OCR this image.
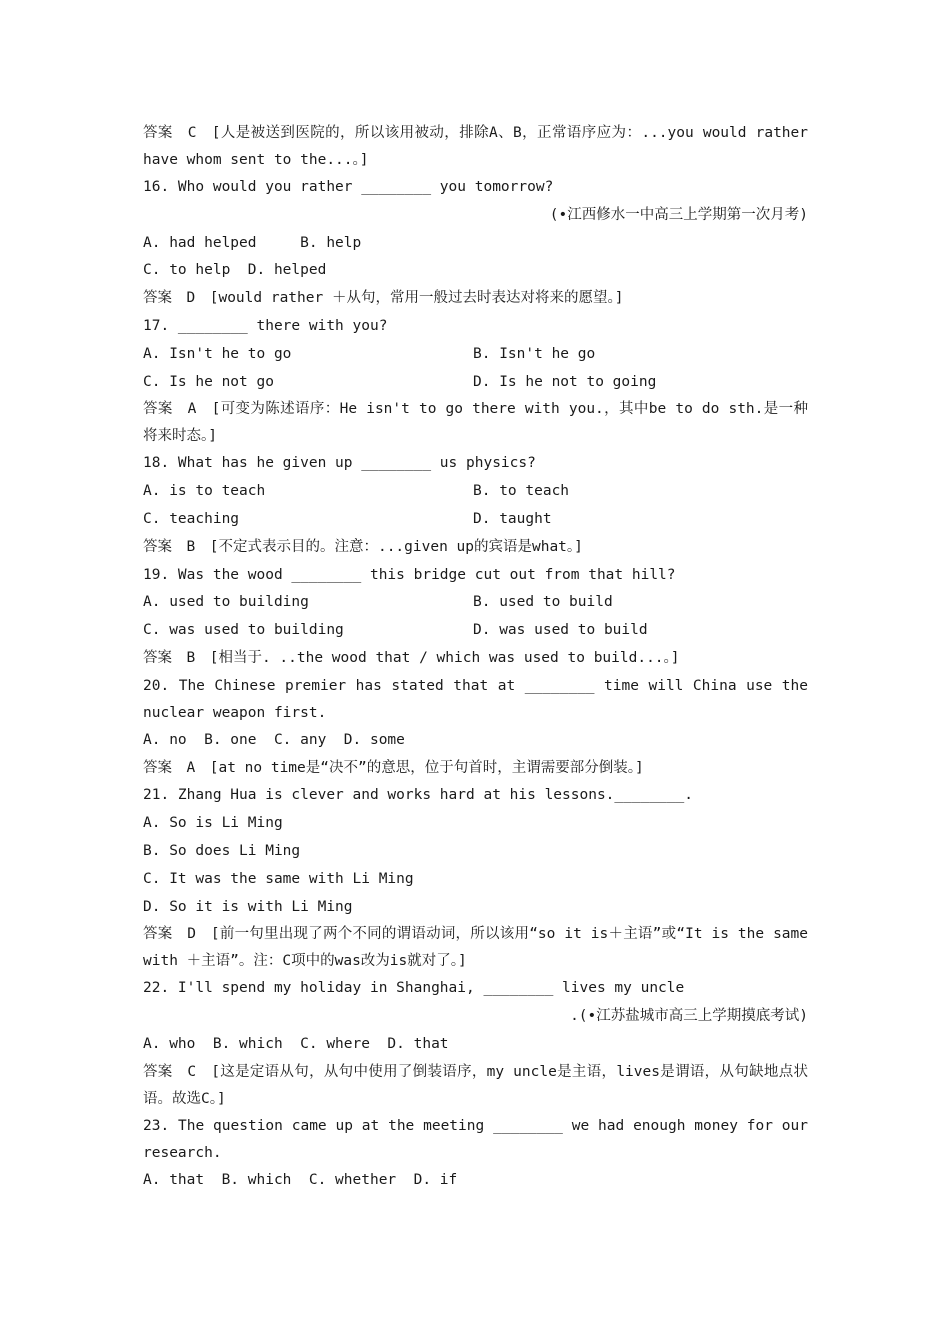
答案　C　[人是被送到医院的，所以该用被动，排除A、B，正常语序应为：...you would rather have whom sent to the...。]
16. Who would you rather ________ you tomorrow?
(•江西修水一中高三上学期第一次月考)
A. had helped     B. help
C. to help  D. helped
答案　D　[would rather ＋从句，常用一般过去时表达对将来的愿望。]
17. ________ there with you?
A. Isn't he to go	B. Isn't he go
C. Is he not go	D. Is he not to going
答案　A　[可变为陈述语序：He isn't to go there with you.，其中be to do sth.是一种将来时态。]
18. What has he given up ________ us physics?
A. is to teach	B. to teach
C. teaching	D. taught
答案　B　[不定式表示目的。注意：...given up的宾语是what。]
19. Was the wood ________ this bridge cut out from that hill?
A. used to building	B. used to build
C. was used to building	D. was used to build
答案　B　[相当于. ..the wood that / which was used to build...。]
20. The Chinese premier has stated that at ________ time will China use the nuclear weapon first.
A. no  B. one  C. any  D. some
答案　A　[at no time是“决不”的意思，位于句首时，主谓需要部分倒装。]
21. Zhang Hua is clever and works hard at his lessons.________.
A. So is Li Ming
B. So does Li Ming
C. It was the same with Li Ming
D. So it is with Li Ming
答案　D　[前一句里出现了两个不同的谓语动词，所以该用“so it is＋主语”或“It is the same with ＋主语”。注：C项中的was改为is就对了。]
22. I'll spend my holiday in Shanghai, ________ lives my uncle
.(•江苏盐城市高三上学期摸底考试)
A. who  B. which  C. where  D. that
答案　C　[这是定语从句，从句中使用了倒装语序，my uncle是主语，lives是谓语，从句缺地点状语。故选C。]
23. The question came up at the meeting ________ we had enough money for our research.
A. that  B. which  C. whether  D. if
